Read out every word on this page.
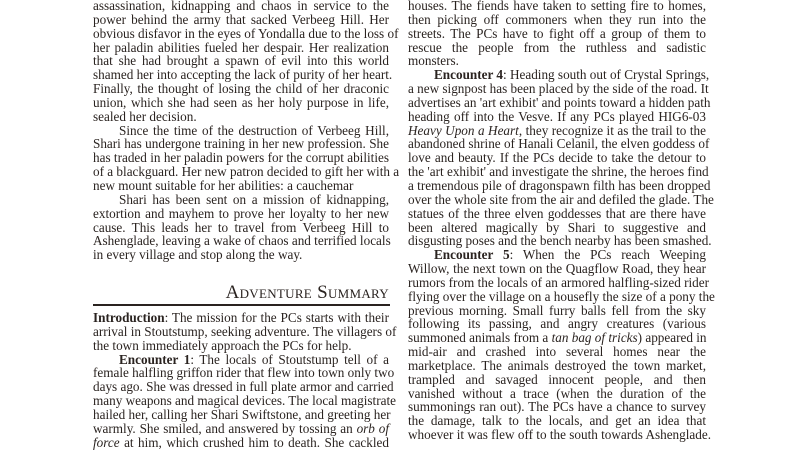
assassination, kidnapping and chaos in service to the
power behind the army that sacked Verbeeg Hill. Her
obvious disfavor in the eyes of Yondalla due to the loss of
her paladin abilities fueled her despair. Her realization
that she had brought a spawn of evil into this world
shamed her into accepting the lack of purity of her heart.
Finally, the thought of losing the child of her draconic
union, which she had seen as her holy purpose in life,
sealed her decision.
Since the time of the destruction of Verbeeg Hill,
Shari has undergone training in her new profession. She
has traded in her paladin powers for the corrupt abilities
of a blackguard. Her new patron decided to gift her with a
new mount suitable for her abilities: a cauchemar
Shari has been sent on a mission of kidnapping,
extortion and mayhem to prove her loyalty to her new
cause. This leads her to travel from Verbeeg Hill to
Ashenglade, leaving a wake of chaos and terrified locals
in every village and stop along the way.
Adventure Summary
Introduction: The mission for the PCs starts with their
arrival in Stoutstump, seeking adventure. The villagers of
the town immediately approach the PCs for help.
Encounter 1: The locals of Stoutstump tell of a
female halfling griffon rider that flew into town only two
days ago. She was dressed in full plate armor and carried
many weapons and magical devices. The local magistrate
hailed her, calling her Shari Swiftstone, and greeting her
warmly. She smiled, and answered by tossing an orb of
force at him, which crushed him to death. She cackled
houses. The fiends have taken to setting fire to homes,
then picking off commoners when they run into the
streets. The PCs have to fight off a group of them to
rescue the people from the ruthless and sadistic
monsters.
Encounter 4: Heading south out of Crystal Springs,
a new signpost has been placed by the side of the road. It
advertises an 'art exhibit' and points toward a hidden path
heading off into the Vesve. If any PCs played HIG6-03
Heavy Upon a Heart, they recognize it as the trail to the
abandoned shrine of Hanali Celanil, the elven goddess of
love and beauty. If the PCs decide to take the detour to
the 'art exhibit' and investigate the shrine, the heroes find
a tremendous pile of dragonspawn filth has been dropped
over the whole site from the air and defiled the glade. The
statues of the three elven goddesses that are there have
been altered magically by Shari to suggestive and
disgusting poses and the bench nearby has been smashed.
Encounter 5: When the PCs reach Weeping
Willow, the next town on the Quagflow Road, they hear
rumors from the locals of an armored halfling-sized rider
flying over the village on a housefly the size of a pony the
previous morning. Small furry balls fell from the sky
following its passing, and angry creatures (various
summoned animals from a tan bag of tricks) appeared in
mid-air and crashed into several homes near the
marketplace. The animals destroyed the town market,
trampled and savaged innocent people, and then
vanished without a trace (when the duration of the
summonings ran out). The PCs have a chance to survey
the damage, talk to the locals, and get an idea that
whoever it was flew off to the south towards Ashenglade.
